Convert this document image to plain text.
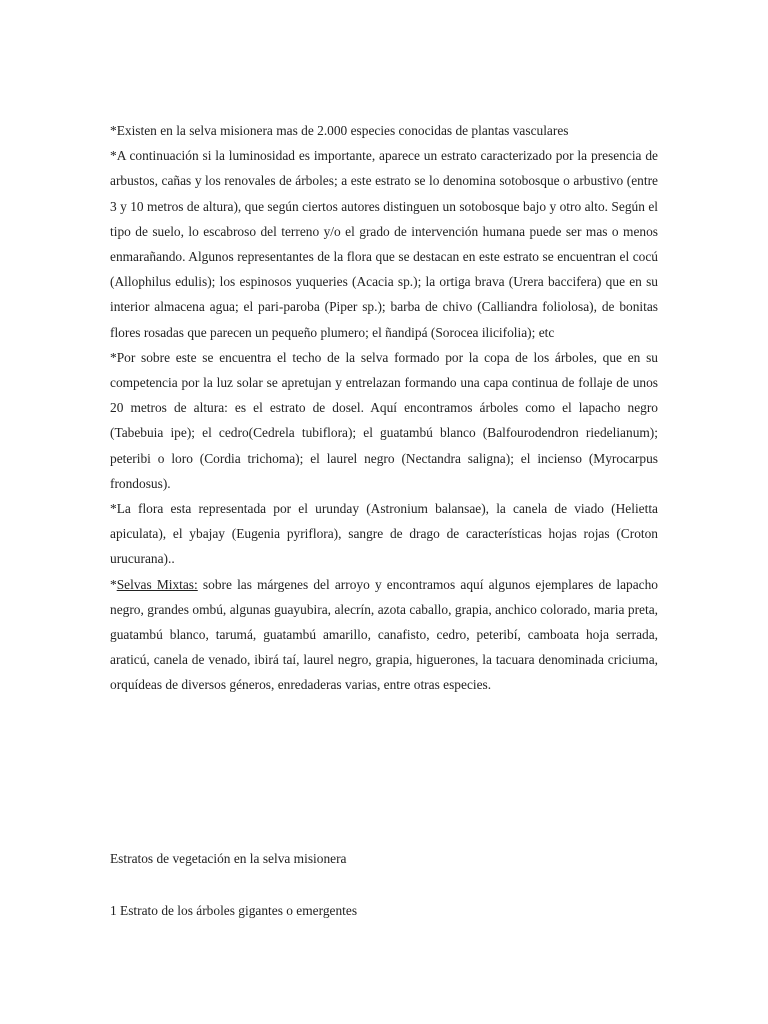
*Existen en la selva misionera mas de 2.000 especies conocidas de plantas vasculares

*A continuación si la luminosidad es importante, aparece un estrato caracterizado por la presencia de arbustos, cañas y los renovales de árboles; a este estrato se lo denomina sotobosque o arbustivo (entre 3 y 10 metros de altura), que según ciertos autores distinguen un sotobosque bajo y otro alto. Según el tipo de suelo, lo escabroso del terreno y/o el grado de intervención humana puede ser mas o menos enmarañando. Algunos representantes de la flora que se destacan en este estrato se encuentran el cocú (Allophilus edulis); los espinosos yuqueries (Acacia sp.); la ortiga brava (Urera baccifera) que en su interior almacena agua; el pari-paroba (Piper sp.); barba de chivo (Calliandra foliolosa), de bonitas flores rosadas que parecen un pequeño plumero; el ñandipá (Sorocea ilicifolia); etc

*Por sobre este se encuentra el techo de la selva formado por la copa de los árboles, que en su competencia por la luz solar se apretujan y entrelazan formando una capa continua de follaje de unos 20 metros de altura: es el estrato de dosel. Aquí encontramos árboles como el lapacho negro (Tabebuia ipe); el cedro(Cedrela tubiflora); el guatambú blanco (Balfourodendron riedelianum); peteribi o loro (Cordia trichoma); el laurel negro (Nectandra saligna); el incienso (Myrocarpus frondosus).

*La flora esta representada por el urunday (Astronium balansae), la canela de viado (Helietta apiculata), el ybajay (Eugenia pyriflora), sangre de drago de características hojas rojas (Croton urucurana)..

*Selvas Mixtas: sobre las márgenes del arroyo y encontramos aquí algunos ejemplares de lapacho negro, grandes ombú, algunas guayubira, alecrín, azota caballo, grapia, anchico colorado, maria preta, guatambú blanco, tarumá, guatambú amarillo, canafisto, cedro, peteribí, camboata hoja serrada, araticú, canela de venado, ibirá taí, laurel negro, grapia, higuerones, la tacuara denominada criciuma, orquídeas de diversos géneros, enredaderas varias, entre otras especies.

Estratos de vegetación en la selva misionera

1 Estrato de los árboles gigantes o emergentes
